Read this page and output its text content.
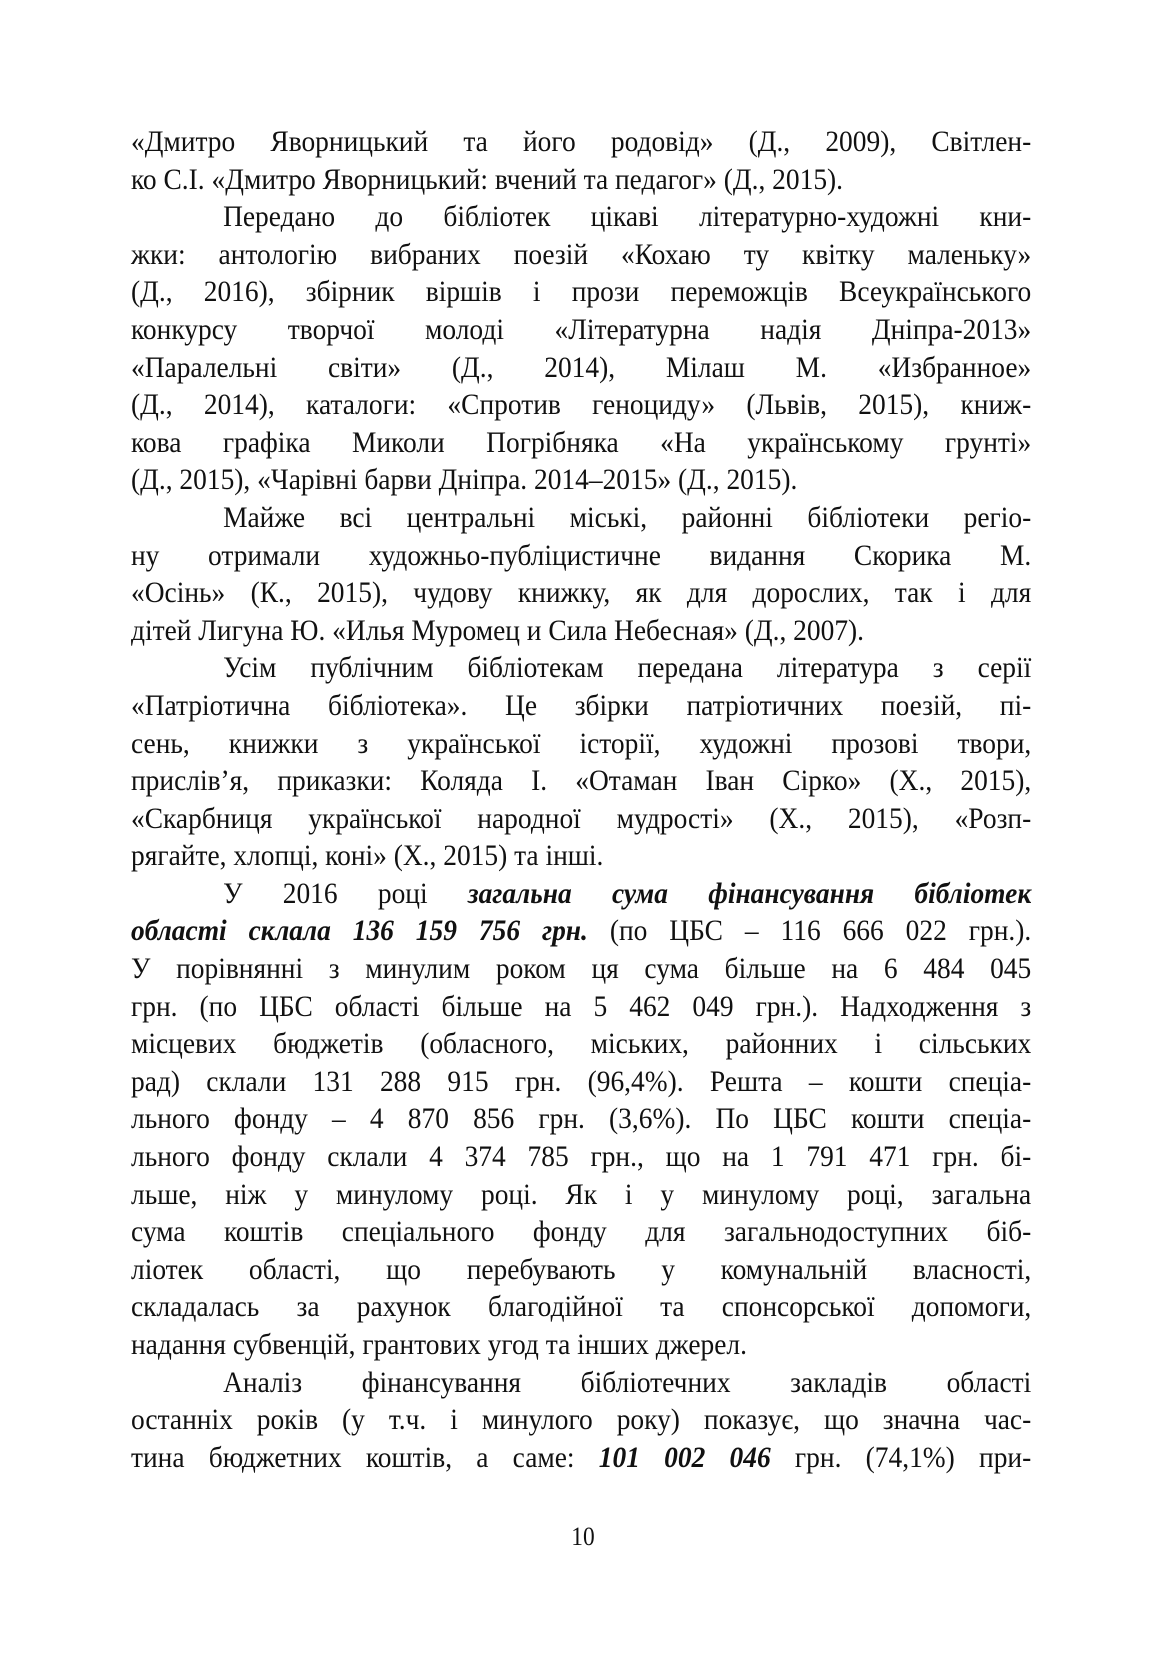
«Дмитро Яворницький та його родовід» (Д., 2009), Світлен-
ко С.І. «Дмитро Яворницький: вчений та педагог» (Д., 2015).
Передано до бібліотек цікаві літературно-художні кни-
жки: антологію вибраних поезій «Кохаю ту квітку маленьку»
(Д., 2016), збірник віршів і прози переможців Всеукраїнського
конкурсу творчої молоді «Літературна надія Дніпра-2013»
«Паралельні світи» (Д., 2014), Мілаш М. «Избранное»
(Д., 2014), каталоги: «Спротив геноциду» (Львів, 2015), книж-
кова графіка Миколи Погрібняка «На українському грунті»
(Д., 2015), «Чарівні барви Дніпра. 2014–2015» (Д., 2015).
Майже всі центральні міські, районні бібліотеки регіо-
ну отримали художньо-публіцистичне видання Скорика М.
«Осінь» (К., 2015), чудову книжку, як для дорослих, так і для
дітей Лигуна Ю. «Илья Муромец и Сила Небесная» (Д., 2007).
Усім публічним бібліотекам передана література з серії
«Патріотична бібліотека». Це збірки патріотичних поезій, пі-
сень, книжки з української історії, художні прозові твори,
прислів’я, приказки: Коляда І. «Отаман Іван Сірко» (Х., 2015),
«Скарбниця української народної мудрості» (Х., 2015), «Розп-
рягайте, хлопці, коні» (Х., 2015) та інші.
У 2016 році загальна сума фінансування бібліотек
області склала 136 159 756 грн. (по ЦБС – 116 666 022 грн.).
У порівнянні з минулим роком ця сума більше на 6 484 045
грн. (по ЦБС області більше на 5 462 049 грн.). Надходження з
місцевих бюджетів (обласного, міських, районних і сільських
рад) склали 131 288 915 грн. (96,4%). Решта – кошти спеціа-
льного фонду – 4 870 856 грн. (3,6%). По ЦБС кошти спеціа-
льного фонду склали 4 374 785 грн., що на 1 791 471 грн. бі-
льше, ніж у минулому році. Як і у минулому році, загальна
сума коштів спеціального фонду для загальнодоступних біб-
ліотек області, що перебувають у комунальній власності,
складалась за рахунок благодійної та спонсорської допомоги,
надання субвенцій, грантових угод та інших джерел.
Аналіз фінансування бібліотечних закладів області
останніх років (у т.ч. і минулого року) показує, що значна час-
тина бюджетних коштів, а саме: 101 002 046 грн. (74,1%) при-
10
